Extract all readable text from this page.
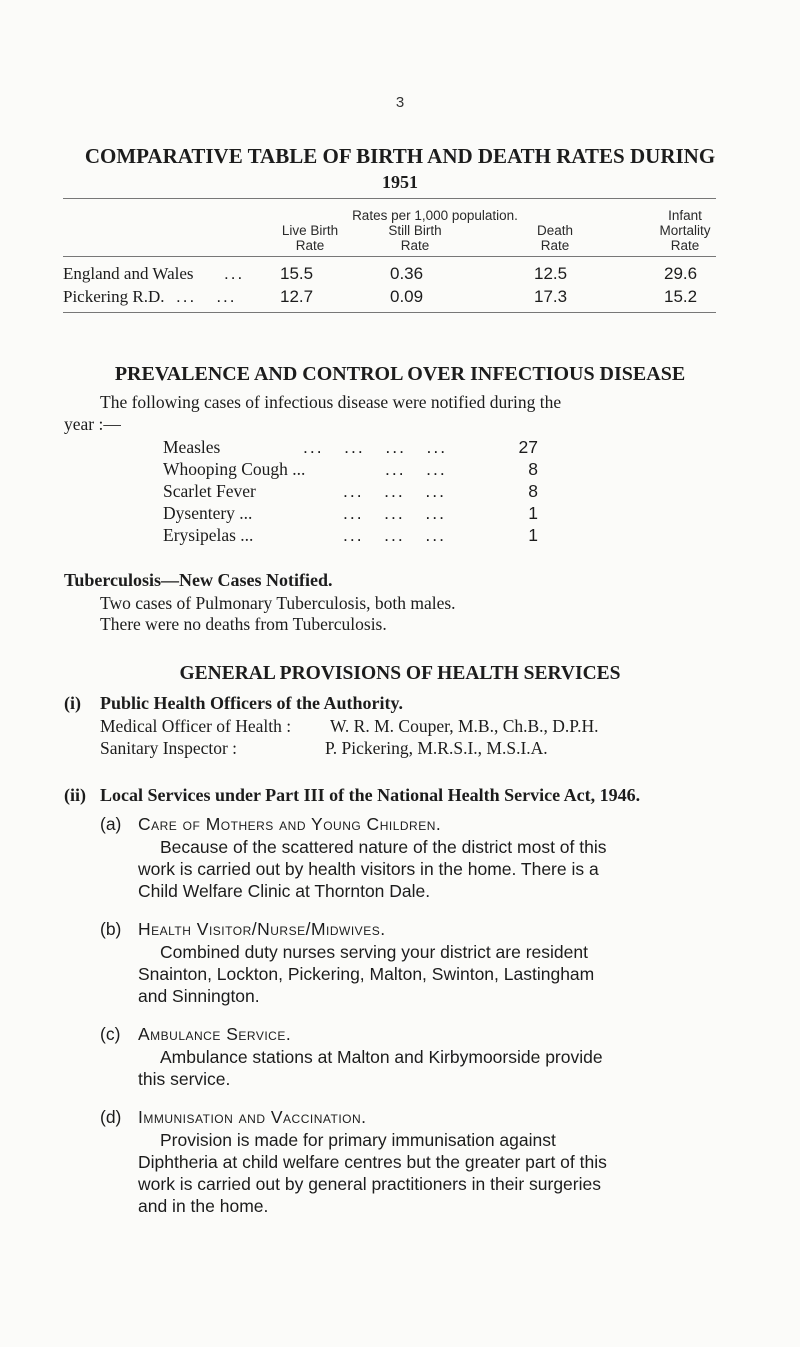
3
COMPARATIVE TABLE OF BIRTH AND DEATH RATES DURING
1951
Rates per 1,000 population.	Infant
Live Birth	Still Birth	Death	Mortality
Rate	Rate	Rate	Rate
England and Wales ... 15.5	0.36	12.5	29.6
Pickering R.D. ...   ...	12.7	0.09	17.3	15.2
PREVALENCE AND CONTROL OVER INFECTIOUS DISEASE
The following cases of infectious disease were notified during the
year :—
Measles	...   ...   ...   ...	27
Whooping Cough ...	...   ...	8
Scarlet Fever	...   ...   ...	8
Dysentery ...	...   ...   ...	1
Erysipelas ...	...   ...   ...	1
Tuberculosis—New Cases Notified.
Two cases of Pulmonary Tuberculosis, both males.
There were no deaths from Tuberculosis.
GENERAL PROVISIONS OF HEALTH SERVICES
(i) Public Health Officers of the Authority.
Medical Officer of Health : W. R. M. Couper, M.B., Ch.B., D.P.H.
Sanitary Inspector :	P. Pickering, M.R.S.I., M.S.I.A.
(ii) Local Services under Part III of the National Health Service Act, 1946.
(a) Care of Mothers and Young Children.
Because of the scattered nature of the district most of this
work is carried out by health visitors in the home. There is a
Child Welfare Clinic at Thornton Dale.
(b) Health Visitor/Nurse/Midwives.
Combined duty nurses serving your district are resident
Snainton, Lockton, Pickering, Malton, Swinton, Lastingham
and Sinnington.
(c) Ambulance Service.
Ambulance stations at Malton and Kirbymoorside provide
this service.
(d) Immunisation and Vaccination.
Provision is made for primary immunisation against
Diphtheria at child welfare centres but the greater part of this
work is carried out by general practitioners in their surgeries
and in the home.
